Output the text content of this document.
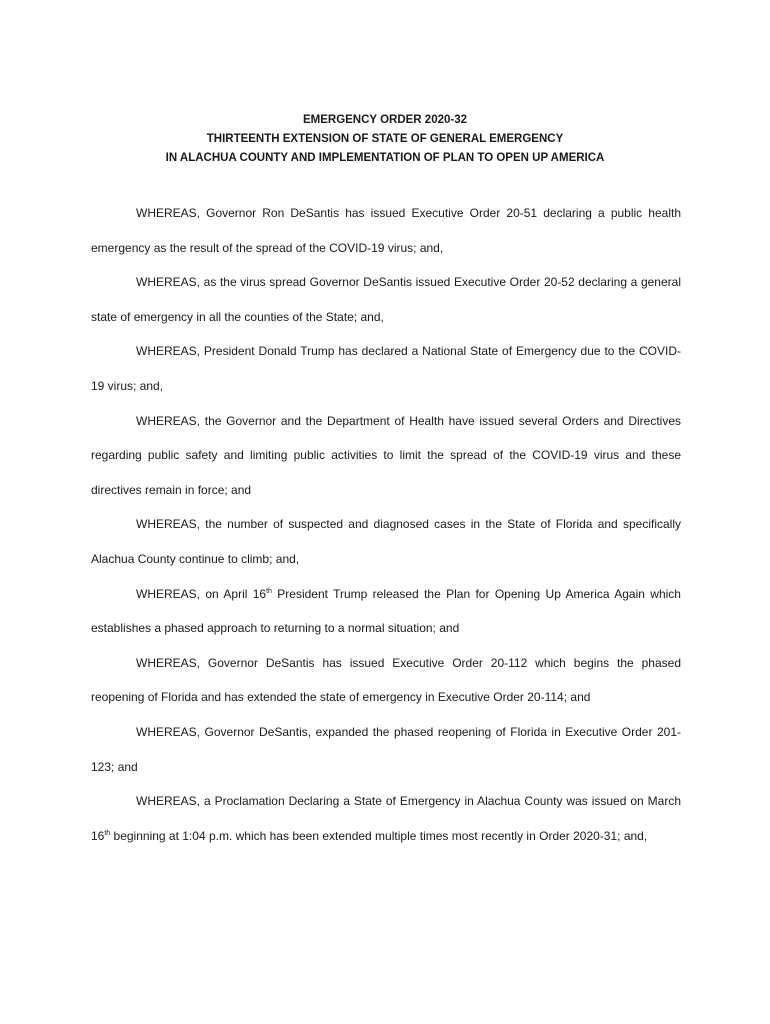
EMERGENCY ORDER 2020-32
THIRTEENTH EXTENSION OF STATE OF GENERAL EMERGENCY
IN ALACHUA COUNTY AND IMPLEMENTATION OF PLAN TO OPEN UP AMERICA

WHEREAS, Governor Ron DeSantis has issued Executive Order 20-51 declaring a public health emergency as the result of the spread of the COVID-19 virus; and,

WHEREAS, as the virus spread Governor DeSantis issued Executive Order 20-52 declaring a general state of emergency in all the counties of the State; and,

WHEREAS, President Donald Trump has declared a National State of Emergency due to the COVID-19 virus; and,

WHEREAS, the Governor and the Department of Health have issued several Orders and Directives regarding public safety and limiting public activities to limit the spread of the COVID-19 virus and these directives remain in force; and

WHEREAS, the number of suspected and diagnosed cases in the State of Florida and specifically Alachua County continue to climb; and,

WHEREAS, on April 16th President Trump released the Plan for Opening Up America Again which establishes a phased approach to returning to a normal situation; and

WHEREAS, Governor DeSantis has issued Executive Order 20-112 which begins the phased reopening of Florida and has extended the state of emergency in Executive Order 20-114; and

WHEREAS, Governor DeSantis, expanded the phased reopening of Florida in Executive Order 201-123; and

WHEREAS, a Proclamation Declaring a State of Emergency in Alachua County was issued on March 16th beginning at 1:04 p.m. which has been extended multiple times most recently in Order 2020-31; and,
